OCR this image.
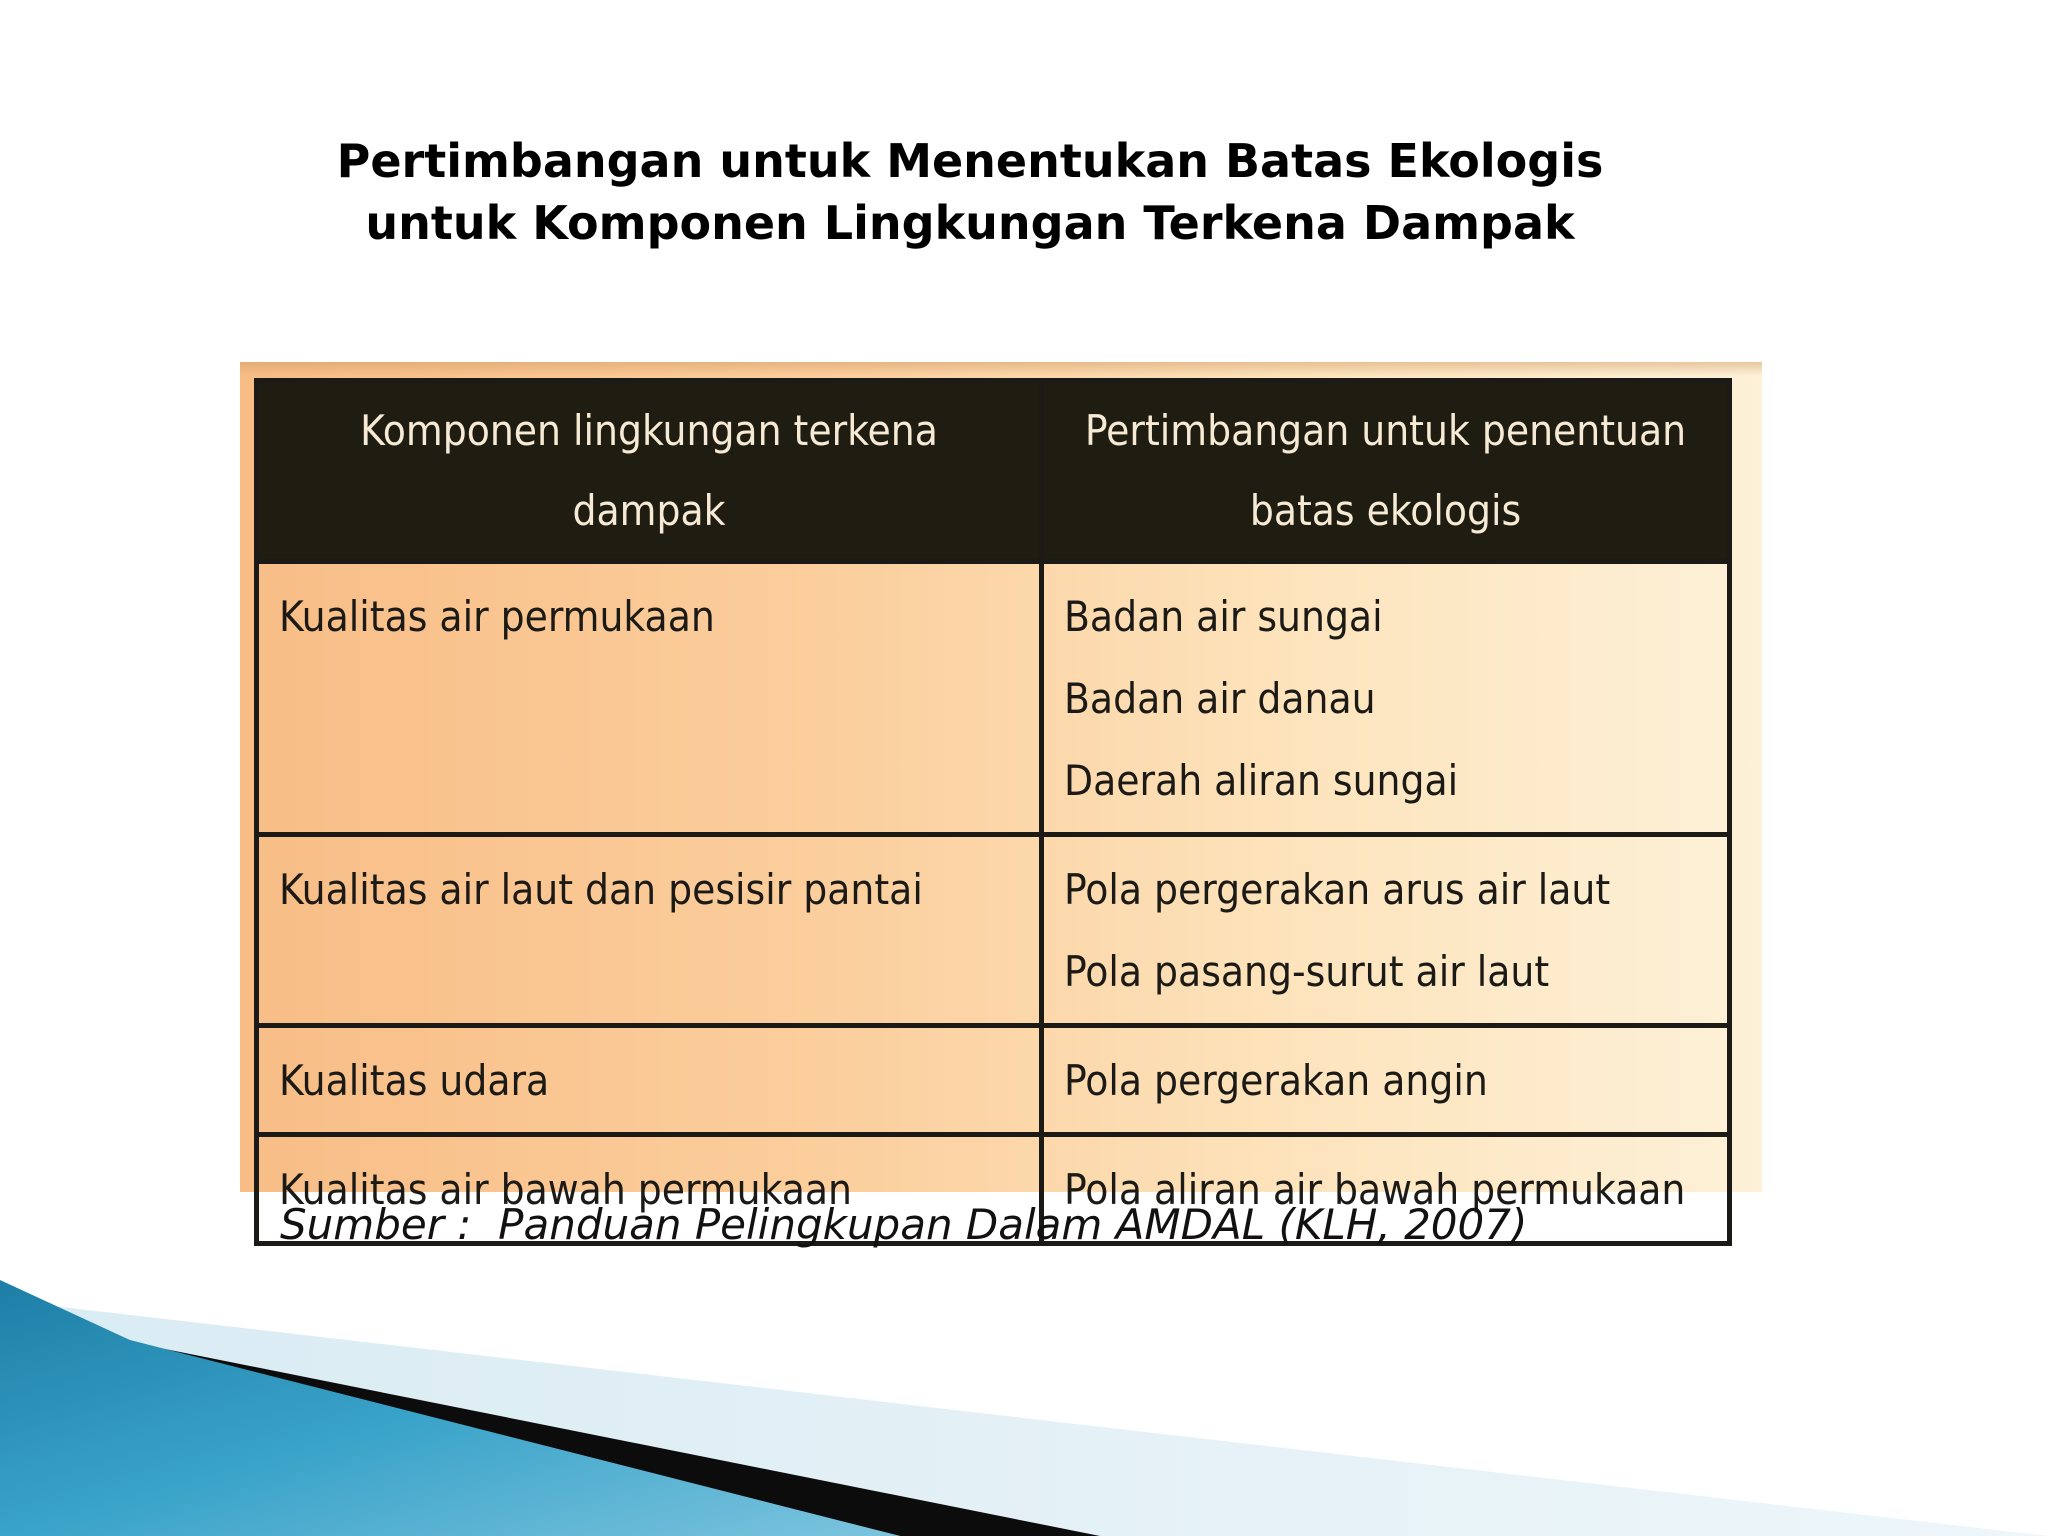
Pertimbangan untuk Menentukan Batas Ekologis
untuk Komponen Lingkungan Terkena Dampak
Komponen lingkungan terkena dampak	Pertimbangan untuk penentuan batas ekologis
Kualitas air permukaan	Badan air sungai
Badan air danau
Daerah aliran sungai

Kualitas air laut dan pesisir pantai	Pola pergerakan arus air laut
Pola pasang-surut air laut

Kualitas udara	Pola pergerakan angin

Kualitas air bawah permukaan	Pola aliran air bawah permukaan
Sumber :  Panduan Pelingkupan Dalam AMDAL (KLH, 2007)
